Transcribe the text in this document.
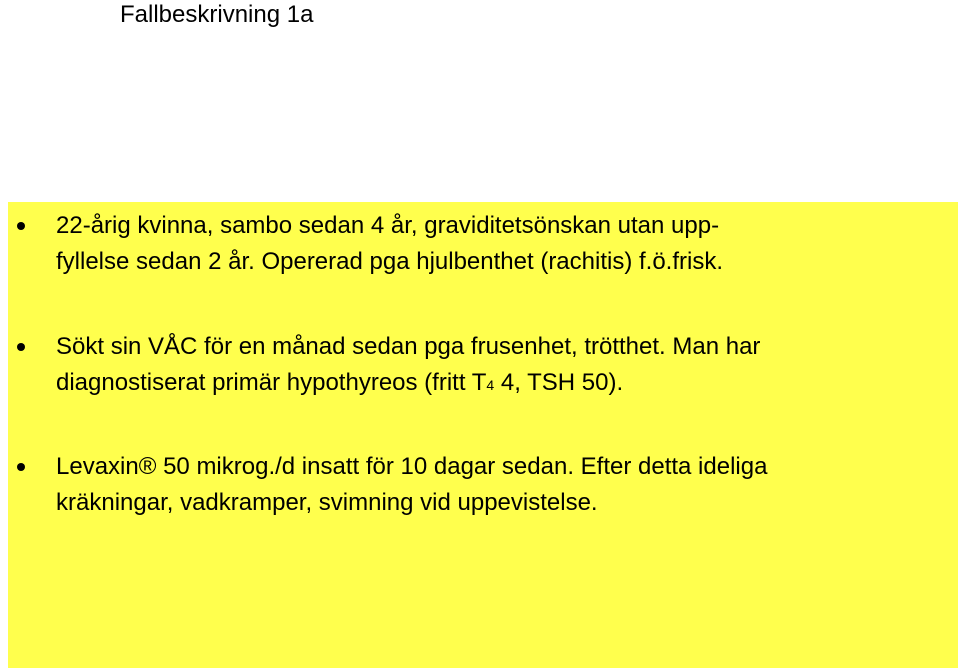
Fallbeskrivning 1a
22-årig kvinna, sambo sedan 4 år, graviditetsönskan utan upp-
fyllelse sedan 2 år. Opererad pga hjulbenthet (rachitis) f.ö.frisk.
Sökt sin VÅC för en månad sedan pga frusenhet, trötthet. Man har
diagnostiserat primär hypothyreos (fritt T4 4, TSH 50).
Levaxin® 50 mikrog./d insatt för 10 dagar sedan. Efter detta ideliga
kräkningar, vadkramper, svimning vid uppevistelse.
